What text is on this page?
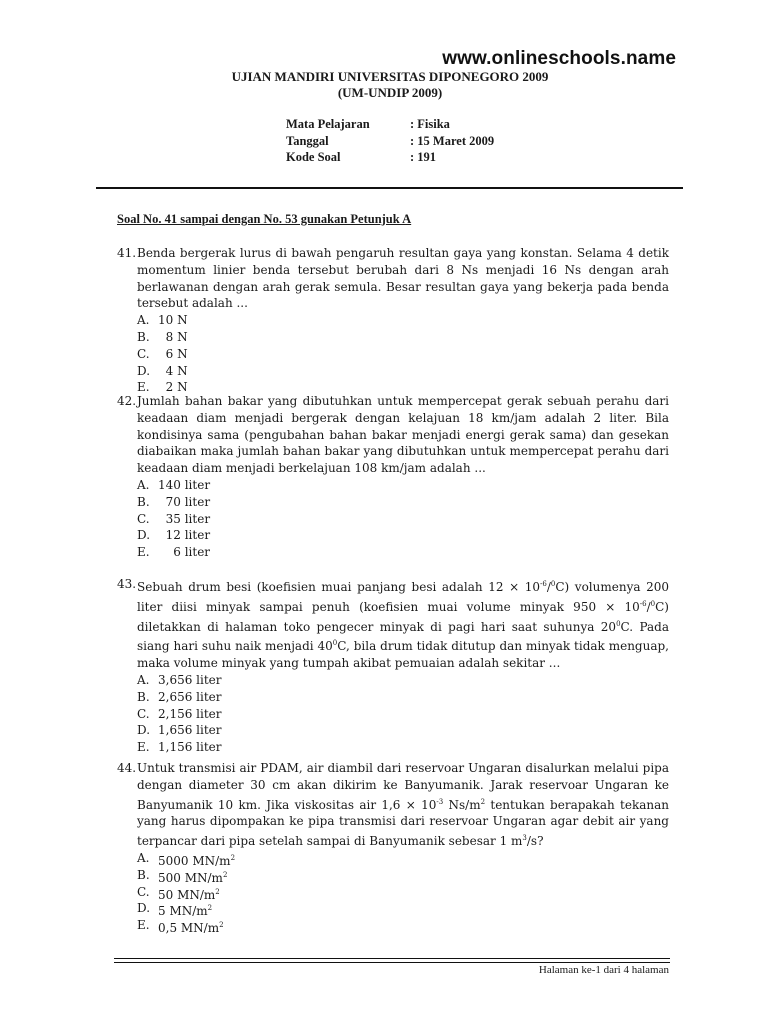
www.onlineschools.name
UJIAN MANDIRI UNIVERSITAS DIPONEGORO 2009
(UM-UNDIP 2009)
Mata Pelajaran	: Fisika
Tanggal	: 15 Maret 2009
Kode Soal	: 191
Soal No. 41 sampai dengan No. 53 gunakan Petunjuk A
41. Benda bergerak lurus di bawah pengaruh resultan gaya yang konstan. Selama 4 detik momentum linier benda tersebut berubah dari 8 Ns menjadi 16 Ns dengan arah berlawanan dengan arah gerak semula. Besar resultan gaya yang bekerja pada benda tersebut adalah ...
A. 10 N
B. 8 N
C. 6 N
D. 4 N
E. 2 N
42. Jumlah bahan bakar yang dibutuhkan untuk mempercepat gerak sebuah perahu dari keadaan diam menjadi bergerak dengan kelajuan 18 km/jam adalah 2 liter. Bila kondisinya sama (pengubahan bahan bakar menjadi energi gerak sama) dan gesekan diabaikan maka jumlah bahan bakar yang dibutuhkan untuk mempercepat perahu dari keadaan diam menjadi berkelajuan 108 km/jam adalah ...
A. 140 liter
B. 70 liter
C. 35 liter
D. 12 liter
E. 6 liter
43. Sebuah drum besi (koefisien muai panjang besi adalah $12 \times 10^{-6}/^0C$) volumenya 200 liter diisi minyak sampai penuh (koefisien muai volume minyak $950 \times 10^{-6}/^0C$) diletakkan di halaman toko pengecer minyak di pagi hari saat suhunya $20^0C$. Pada siang hari suhu naik menjadi $40^0C$, bila drum tidak ditutup dan minyak tidak menguap, maka volume minyak yang tumpah akibat pemuaian adalah sekitar ...
A. 3,656 liter
B. 2,656 liter
C. 2,156 liter
D. 1,656 liter
E. 1,156 liter
44. Untuk transmisi air PDAM, air diambil dari reservoar Ungaran disalurkan melalui pipa dengan diameter 30 cm akan dikirim ke Banyumanik. Jarak reservoar Ungaran ke Banyumanik 10 km. Jika viskositas air $1,6 \times 10^{-3}$ $Ns/m^2$ tentukan berapakah tekanan yang harus dipompakan ke pipa transmisi dari reservoar Ungaran agar debit air yang terpancar dari pipa setelah sampai di Banyumanik sebesar 1 $m^3/s$?
A. 5000 $MN/m^2$
B. 500 $MN/m^2$
C. 50 $MN/m^2$
D. 5 $MN/m^2$
E. 0,5 $MN/m^2$
Halaman ke-1 dari 4 halaman
